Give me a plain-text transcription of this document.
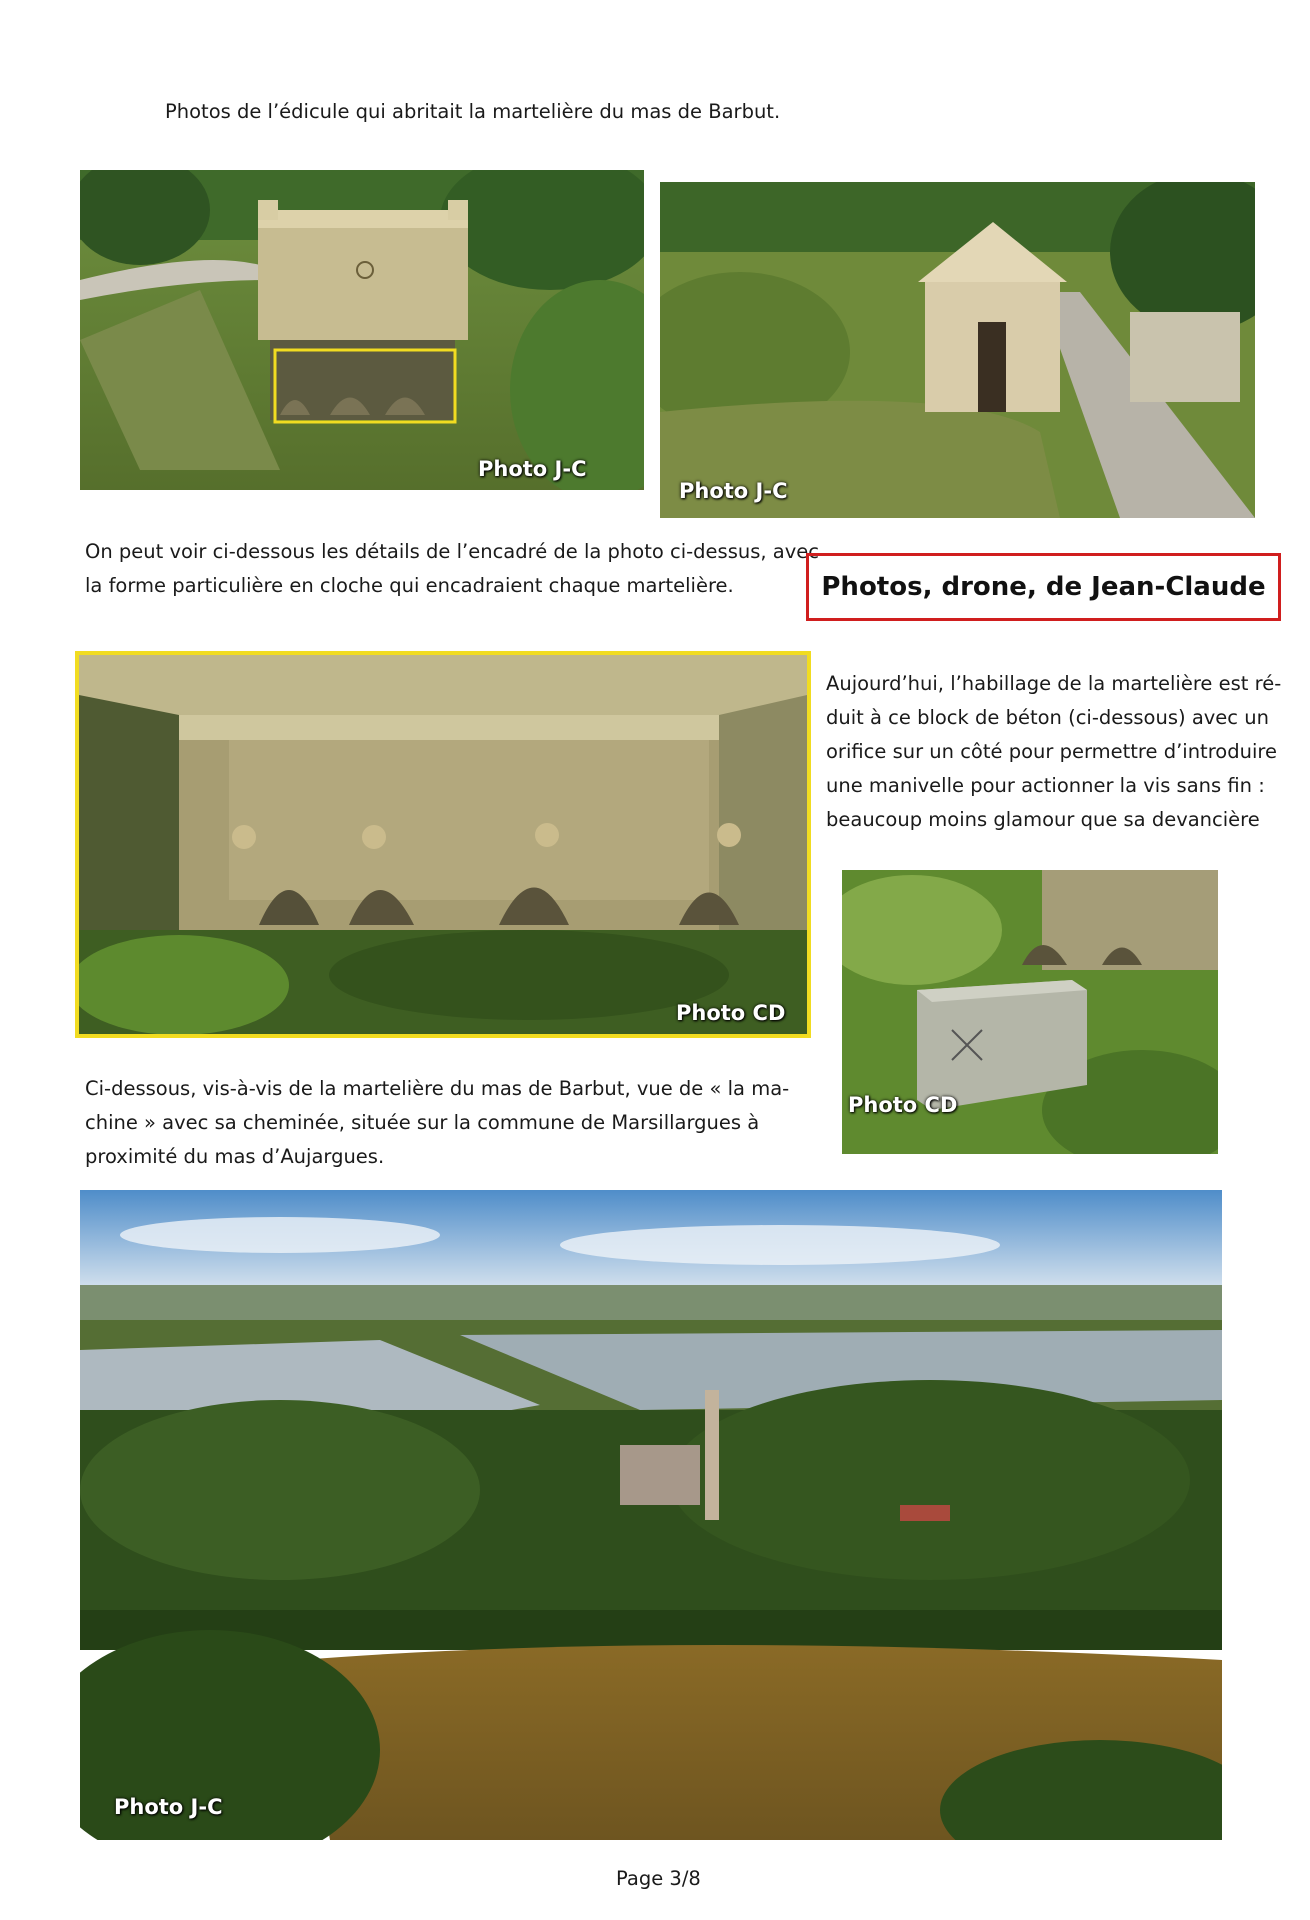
Photos de l’édicule qui abritait la martelière du mas de Barbut.
Photo J-C
Photo J-C
On peut voir ci-dessous les détails de l’encadré de la photo ci-dessus, avec
la forme particulière en cloche qui encadraient chaque martelière.	Photos, drone, de Jean-Claude
Photo CD
Aujourd’hui, l’habillage de la martelière est ré-
duit à ce block de béton (ci-dessous) avec un
orifice sur un côté pour permettre d’introduire
une manivelle pour actionner la vis sans fin :
beaucoup moins glamour que sa devancière
Photo CD
Ci-dessous, vis-à-vis de la martelière du mas de Barbut, vue de « la ma-
chine » avec sa cheminée, située sur la commune de Marsillargues à
proximité du mas d’Aujargues.
Photo J-C
Page 3/8
